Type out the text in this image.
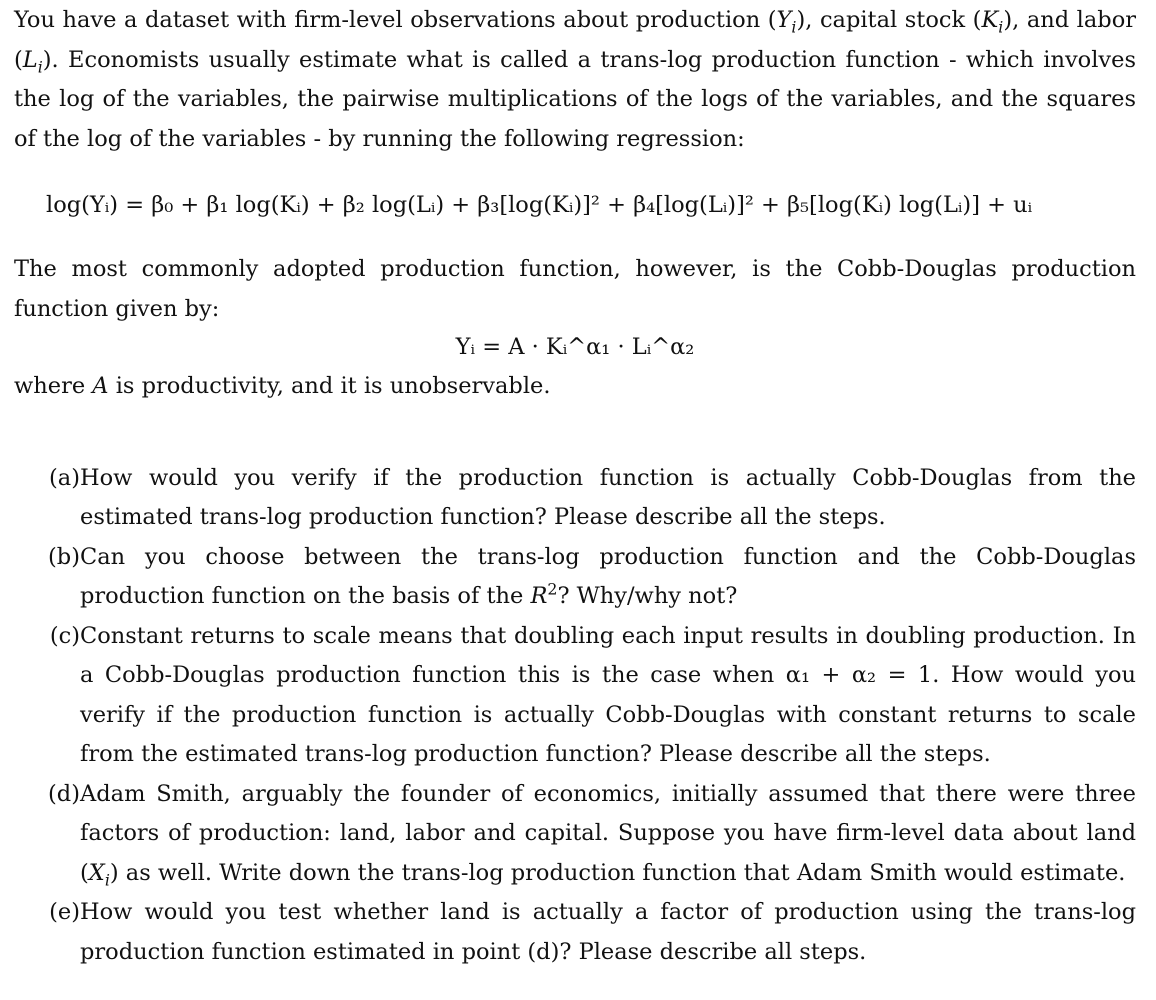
You have a dataset with firm-level observations about production $(Y_i)$, capital stock $(K_i)$, and labor $(L_i)$. Economists usually estimate what is called a trans-log production function - which involves the log of the variables, the pairwise multiplications of the logs of the variables, and the squares of the log of the variables - by running the following regression:

log(Yᵢ) = β₀ + β₁ log(Kᵢ) + β₂ log(Lᵢ) + β₃[log(Kᵢ)]² + β₄[log(Lᵢ)]² + β₅[log(Kᵢ) log(Lᵢ)] + uᵢ

The most commonly adopted production function, however, is the Cobb-Douglas production function given by:

Yᵢ = A · Kᵢ^α₁ · Lᵢ^α₂

where A is productivity, and it is unobservable.

(a) How would you verify if the production function is actually Cobb-Douglas from the estimated trans-log production function? Please describe all the steps.
(b) Can you choose between the trans-log production function and the Cobb-Douglas production function on the basis of the $R^2$? Why/why not?
(c) Constant returns to scale means that doubling each input results in doubling production. In a Cobb-Douglas production function this is the case when α₁ + α₂ = 1. How would you verify if the production function is actually Cobb-Douglas with constant returns to scale from the estimated trans-log production function? Please describe all the steps.
(d) Adam Smith, arguably the founder of economics, initially assumed that there were three factors of production: land, labor and capital. Suppose you have firm-level data about land $(X_i)$ as well. Write down the trans-log production function that Adam Smith would estimate.
(e) How would you test whether land is actually a factor of production using the trans-log production function estimated in point (d)? Please describe all steps.
